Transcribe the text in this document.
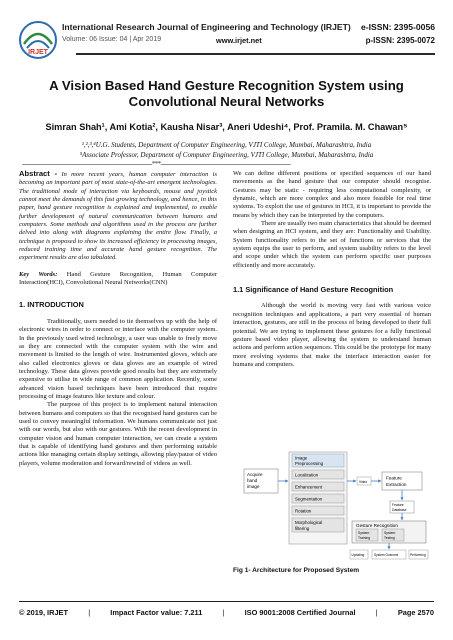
IRJET
International Research Journal of Engineering and Technology (IRJET) e-ISSN: 2395-0056
Volume: 06 Issue: 04 | Apr 2019	www.irjet.net	p-ISSN: 2395-0072
A Vision Based Hand Gesture Recognition System using Convolutional Neural Networks
Simran Shah¹, Ami Kotia², Kausha Nisar³, Aneri Udeshi⁴, Prof. Pramila. M. Chawan⁵
¹,²,³,⁴U.G. Students, Department of Computer Engineering, VJTI College, Mumbai, Maharashtra, India
⁵Associate Professor, Department of Computer Engineering, VJTI College, Mumbai, Maharashtra, India
---------------------------------------------------------------------------***---------------------------------------------------------------------------

Abstract - In more recent years, human computer interaction is becoming an important part of most state-of-the-art emergent technologies. The traditional mode of interaction via keyboards, mouse and joystick cannot meet the demands of this fast growing technology, and hence, in this paper, hand gesture recognition is explained and implemented, to enable further development of natural communication between humans and computers. Some methods and algorithms used in the process are further delved into along with diagrams explaining the entire flow. Finally, a technique is proposed to show its increased efficiency in processing images, reduced training time and accurate hand gesture recognition. The experiment results are also tabulated.

Key Words: Hand Gesture Recognition, Human Computer Interaction(HCI), Convolutional Neural Networks(CNN)

1. INTRODUCTION

Traditionally, users needed to tie themselves up with the help of electronic wires in order to connect or interface with the computer system. In the previously used wired technology, a user was unable to freely move as they are connected with the computer system with the wire and movement is limited to the length of wire. Instrumented gloves, which are also called electronics gloves or data gloves are an example of wired technology. These data gloves provide good results but they are extremely expensive to utilise in wide range of common application. Recently, some advanced vision based techniques have been introduced that require processing of image features like texture and colour.

The purpose of this project is to implement natural interaction between humans and computers so that the recognised hand gestures can be used to convey meaningful information. We humans communicate not just with our words, but also with our gestures. With the recent development in computer vision and human computer interaction, we can create a system that is capable of identifying hand gestures and then performing suitable actions like managing certain display settings, allowing play/pause of video players, volume moderation and forward/rewind of videos as well.

We can define different positions or specified sequences of our hand movements as the hand gesture that our computer should recognise. Gestures may be static - requiring less computational complexity, or dynamic, which are more complex and also more feasible for real time systems. To exploit the use of gestures in HCI, it is important to provide the means by which they can be interpreted by the computers.

There are usually two main characteristics that should be deemed when designing an HCI system, and they are: Functionality and Usability. System functionality refers to the set of functions or services that the system equips the user to perform, and system usability refers to the level and scope under which the system can perform specific user purposes efficiently and more accurately.

1.1 Significance of Hand Gesture Recognition

Although the world is moving very fast with various voice recognition techniques and applications, a part very essential of human interaction, gestures, are still in the process of being developed to their full potential. We are trying to implement these gestures for a fully functional gesture based video player, allowing the system to understand human actions and perform action sequences. This could be the prototype for many more evolving systems that make the interface interaction easier for humans and computers.

Acquire
hand
image
Image
Preprocessing
Localization
Enhancement
Segmentation
Rotation
Morphological
filtering
Video
Feature
Extraction
Feature
Database
Gesture Recognition
System
Training
System
Testing
Updating	System Outcome	Performing
Fig 1- Architecture for Proposed System
© 2019, IRJET	|	Impact Factor value: 7.211	|	ISO 9001:2008 Certified Journal	|	Page 2570
